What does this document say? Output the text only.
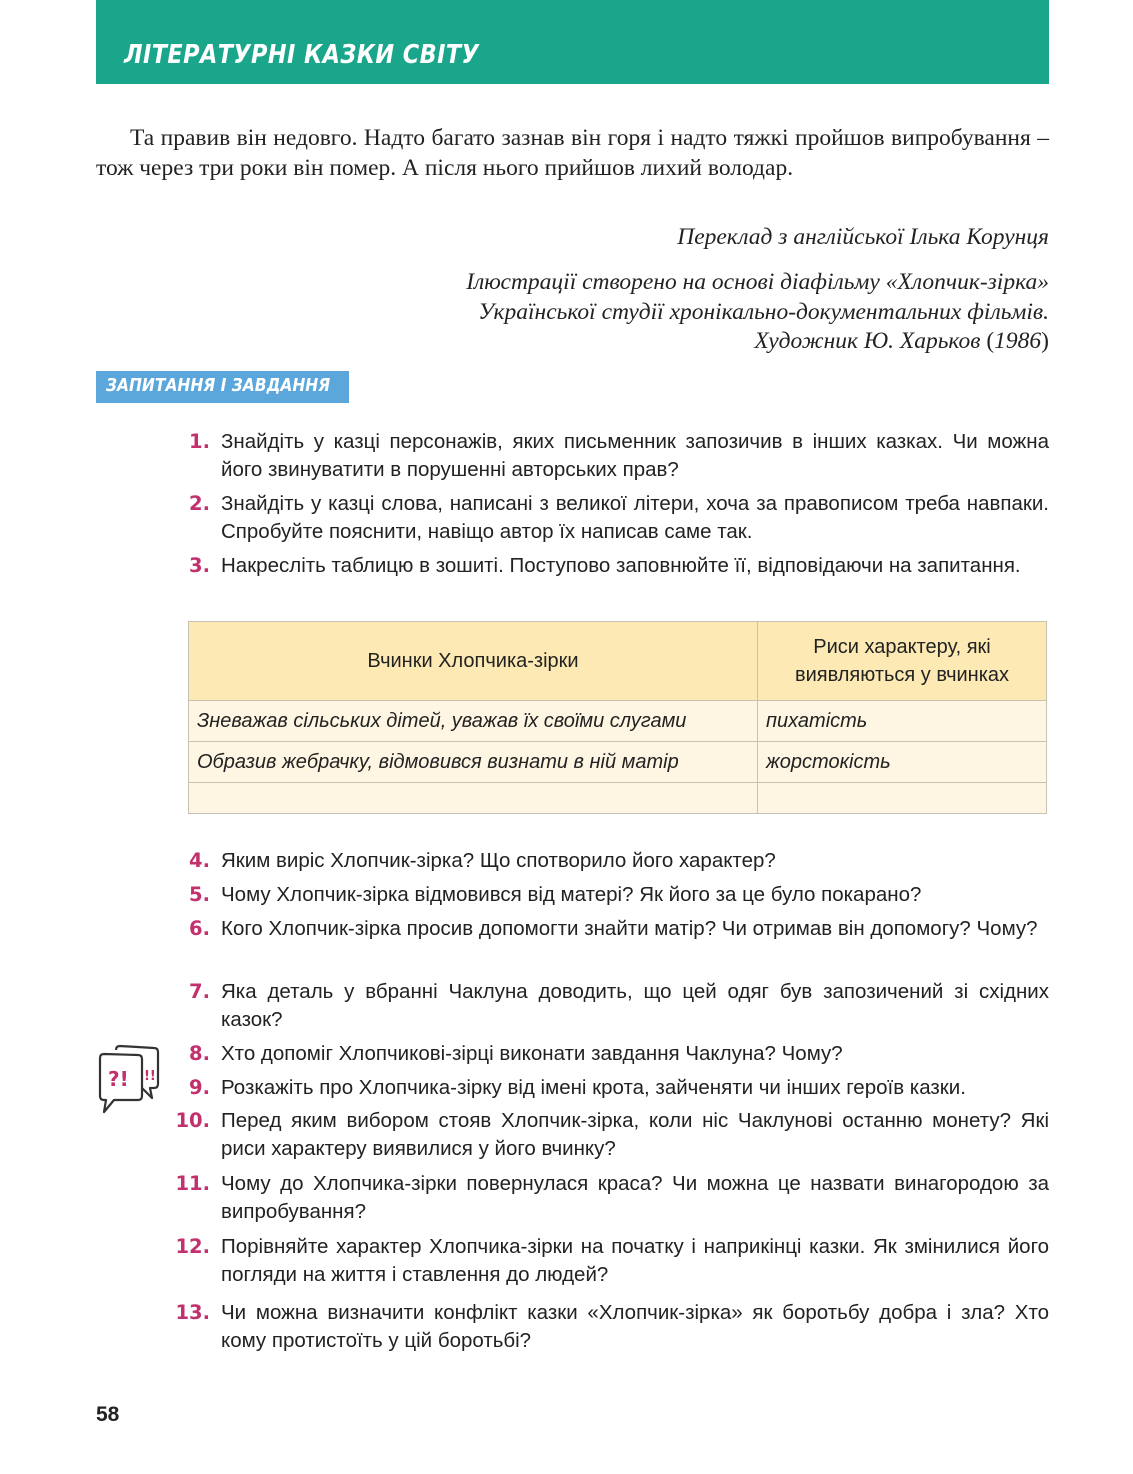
ЛІТЕРАТУРНІ КАЗКИ СВІТУ

Та правив він недовго. Надто багато зазнав він горя і надто тяжкі пройшов випробування – тож через три роки він помер. А після нього прийшов лихий володар.

Переклад з англійської Ілька Корунця

Ілюстрації створено на основі діафільму «Хлопчик-зірка»
Української студії хронікально-документальних фільмів.
Художник Ю. Харьков (1986)

ЗАПИТАННЯ І ЗАВДАННЯ
1. Знайдіть у казці персонажів, яких письменник запозичив в інших казках. Чи можна його звинуватити в порушенні авторських прав?
2. Знайдіть у казці слова, написані з великої літери, хоча за правописом треба навпаки. Спробуйте пояснити, навіщо автор їх написав саме так.
3. Накресліть таблицю в зошиті. Поступово заповнюйте її, відповідаючи на запитання.
Вчинки Хлопчика-зірки	Риси характеру, які виявляються у вчинках
Зневажав сільських дітей, уважав їх своїми слугами	пихатість
Образив жебрачку, відмовився визнати в ній матір	жорстокість

4. Яким виріс Хлопчик-зірка? Що спотворило його характер?
5. Чому Хлопчик-зірка відмовився від матері? Як його за це було покарано?
6. Кого Хлопчик-зірка просив допомогти знайти матір? Чи отримав він допомогу? Чому?
7. Яка деталь у вбранні Чаклуна доводить, що цей одяг був запозичений зі східних казок?
8. Хто допоміг Хлопчикові-зірці виконати завдання Чаклуна? Чому?
9. Розкажіть про Хлопчика-зірку від імені крота, зайченяти чи інших героїв казки.
10. Перед яким вибором стояв Хлопчик-зірка, коли ніс Чаклунові останню монету? Які риси характеру виявилися у його вчинку?
11. Чому до Хлопчика-зірки повернулася краса? Чи можна це назвати винагородою за випробування?
12. Порівняйте характер Хлопчика-зірки на початку і наприкінці казки. Як змінилися його погляди на життя і ставлення до людей?
13. Чи можна визначити конфлікт казки «Хлопчик-зірка» як боротьбу добра і зла? Хто кому протистоїть у цій боротьбі?
?! !!
58
